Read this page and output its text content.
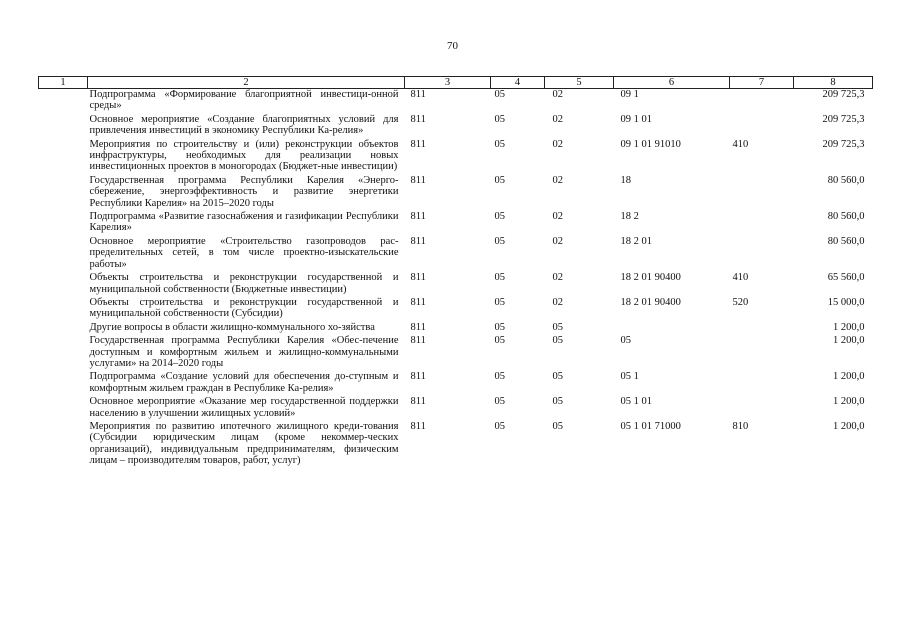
70
1	2	3	4	5	6	7	8
	Подпрограмма «Формирование благоприятной инвестици-онной среды»	811	05	02	09 1		209 725,3
	Основное мероприятие «Создание благоприятных условий для привлечения инвестиций в экономику Республики Ка-релия»	811	05	02	09 1 01		209 725,3
	Мероприятия по строительству и (или) реконструкции объектов инфраструктуры, необходимых для реализации новых инвестиционных проектов в моногородах (Бюджет-ные инвестиции)	811	05	02	09 1 01 91010	410	209 725,3
	Государственная программа Республики Карелия «Энерго-сбережение, энергоэффективность и развитие энергетики Республики Карелия» на 2015–2020 годы	811	05	02	18		80 560,0
	Подпрограмма «Развитие газоснабжения и газификации Республики Карелия»	811	05	02	18 2		80 560,0
	Основное мероприятие «Строительство газопроводов рас-пределительных сетей, в том числе проектно-изыскательские работы»	811	05	02	18 2 01		80 560,0
	Объекты строительства и реконструкции государственной и муниципальной собственности (Бюджетные инвестиции)	811	05	02	18 2 01 90400	410	65 560,0
	Объекты строительства и реконструкции государственной и муниципальной собственности (Субсидии)	811	05	02	18 2 01 90400	520	15 000,0
	Другие вопросы в области жилищно-коммунального хо-зяйства	811	05	05			1 200,0
	Государственная программа Республики Карелия «Обес-печение доступным и комфортным жильем и жилищно-коммунальными услугами» на 2014–2020 годы	811	05	05	05		1 200,0
	Подпрограмма «Создание условий для обеспечения до-ступным и комфортным жильем граждан в Республике Ка-релия»	811	05	05	05 1		1 200,0
	Основное мероприятие «Оказание мер государственной поддержки населению в улучшении жилищных условий»	811	05	05	05 1 01		1 200,0
	Мероприятия по развитию ипотечного жилищного креди-тования (Субсидии юридическим лицам (кроме некоммер-ческих организаций), индивидуальным предпринимателям, физическим лицам – производителям товаров, работ, услуг)	811	05	05	05 1 01 71000	810	1 200,0
